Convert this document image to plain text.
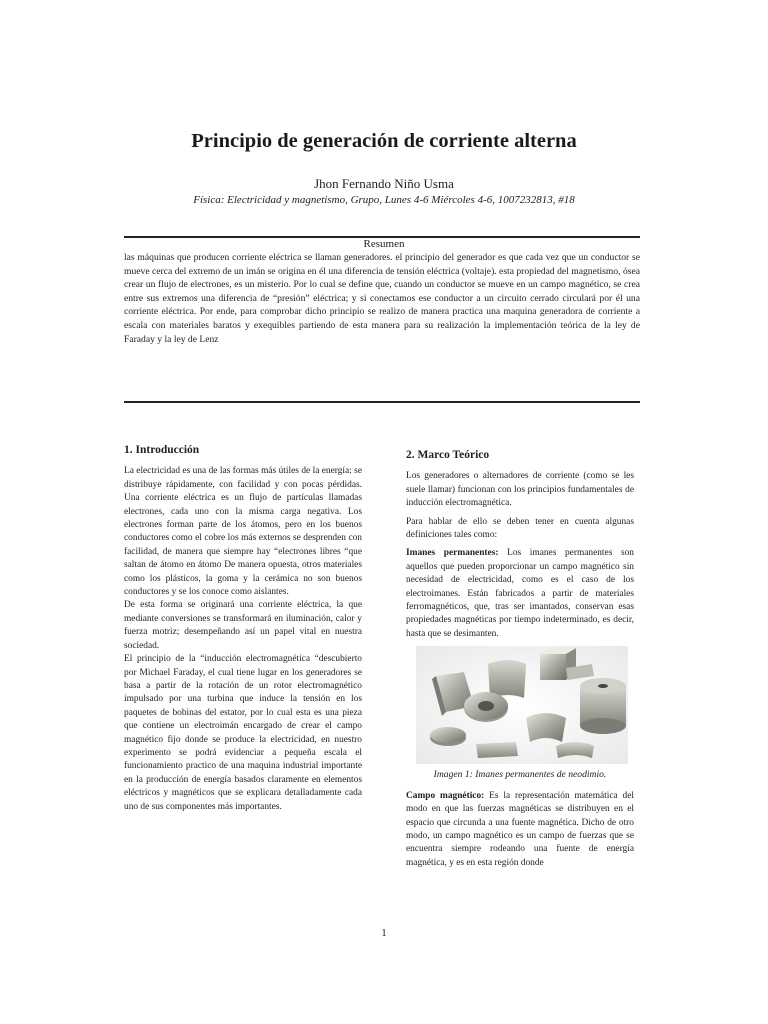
Principio de generación de corriente alterna
Jhon Fernando Niño Usma
Física: Electricidad y magnetismo, Grupo, Lunes 4-6 Miércoles 4-6, 1007232813, #18
Resumen
las máquinas que producen corriente eléctrica se llaman generadores. el principio del generador es que cada vez que un conductor se mueve cerca del extremo de un imán se origina en él una diferencia de tensión eléctrica (voltaje). esta propiedad del magnetismo, ósea crear un flujo de electrones, es un misterio. Por lo cual se define que, cuando un conductor se mueve en un campo magnético, se crea entre sus extremos una diferencia de “presión” eléctrica; y si conectamos ese conductor a un circuito cerrado circulará por él una corriente eléctrica. Por ende, para comprobar dicho principio se realizo de manera practica una maquina generadora de corriente a escala con materiales baratos y exequibles partiendo de esta manera para su realización la implementación teórica de la ley de Faraday y la ley de Lenz

1. Introducción

La electricidad es una de las formas más útiles de la energía: se distribuye rápidamente, con facilidad y con pocas pérdidas. Una corriente eléctrica es un flujo de partículas llamadas electrones, cada uno con la misma carga negativa. Los electrones forman parte de los átomos, pero en los buenos conductores como el cobre los más externos se desprenden con facilidad, de manera que siempre hay “electrones libres “que saltan de átomo en átomo De manera opuesta, otros materiales como los plásticos, la goma y la cerámica no son buenos conductores y se los conoce como aislantes.

De esta forma se originará una corriente eléctrica, la que mediante conversiones se transformará en iluminación, calor y fuerza motriz; desempeñando así un papel vital en nuestra sociedad.

El principio de la “inducción electromagnética “descubierto por Michael Faraday, el cual tiene lugar en los generadores se basa a partir de la rotación de un rotor electromagnético impulsado por una turbina que induce la tensión en los paquetes de bobinas del estator, por lo cual esta es una pieza que contiene un electroimán encargado de crear el campo magnético fijo donde se produce la electricidad, en nuestro experimento se podrá evidenciar a pequeña escala el funcionamiento practico de una maquina industrial importante en la producción de energía basados claramente en elementos eléctricos y magnéticos que se explicara detalladamente cada uno de sus componentes más importantes.

2. Marco Teórico

Los generadores o alternadores de corriente (como se les suele llamar) funcionan con los principios fundamentales de inducción electromagnética.

Para hablar de ello se deben tener en cuenta algunas definiciones tales como:

Imanes permanentes: Los imanes permanentes son aquellos que pueden proporcionar un campo magnético sin necesidad de electricidad, como es el caso de los electroimanes. Están fabricados a partir de materiales ferromagnéticos, que, tras ser imantados, conservan esas propiedades magnéticas por tiempo indeterminado, es decir, hasta que se desimanten.

Imagen 1: Imanes permanentes de neodimio.

Campo magnético: Es la representación matemática del modo en que las fuerzas magnéticas se distribuyen en el espacio que circunda a una fuente magnética. Dicho de otro modo, un campo magnético es un campo de fuerzas que se encuentra siempre rodeando una fuente de energía magnética, y es en esta región donde

1
